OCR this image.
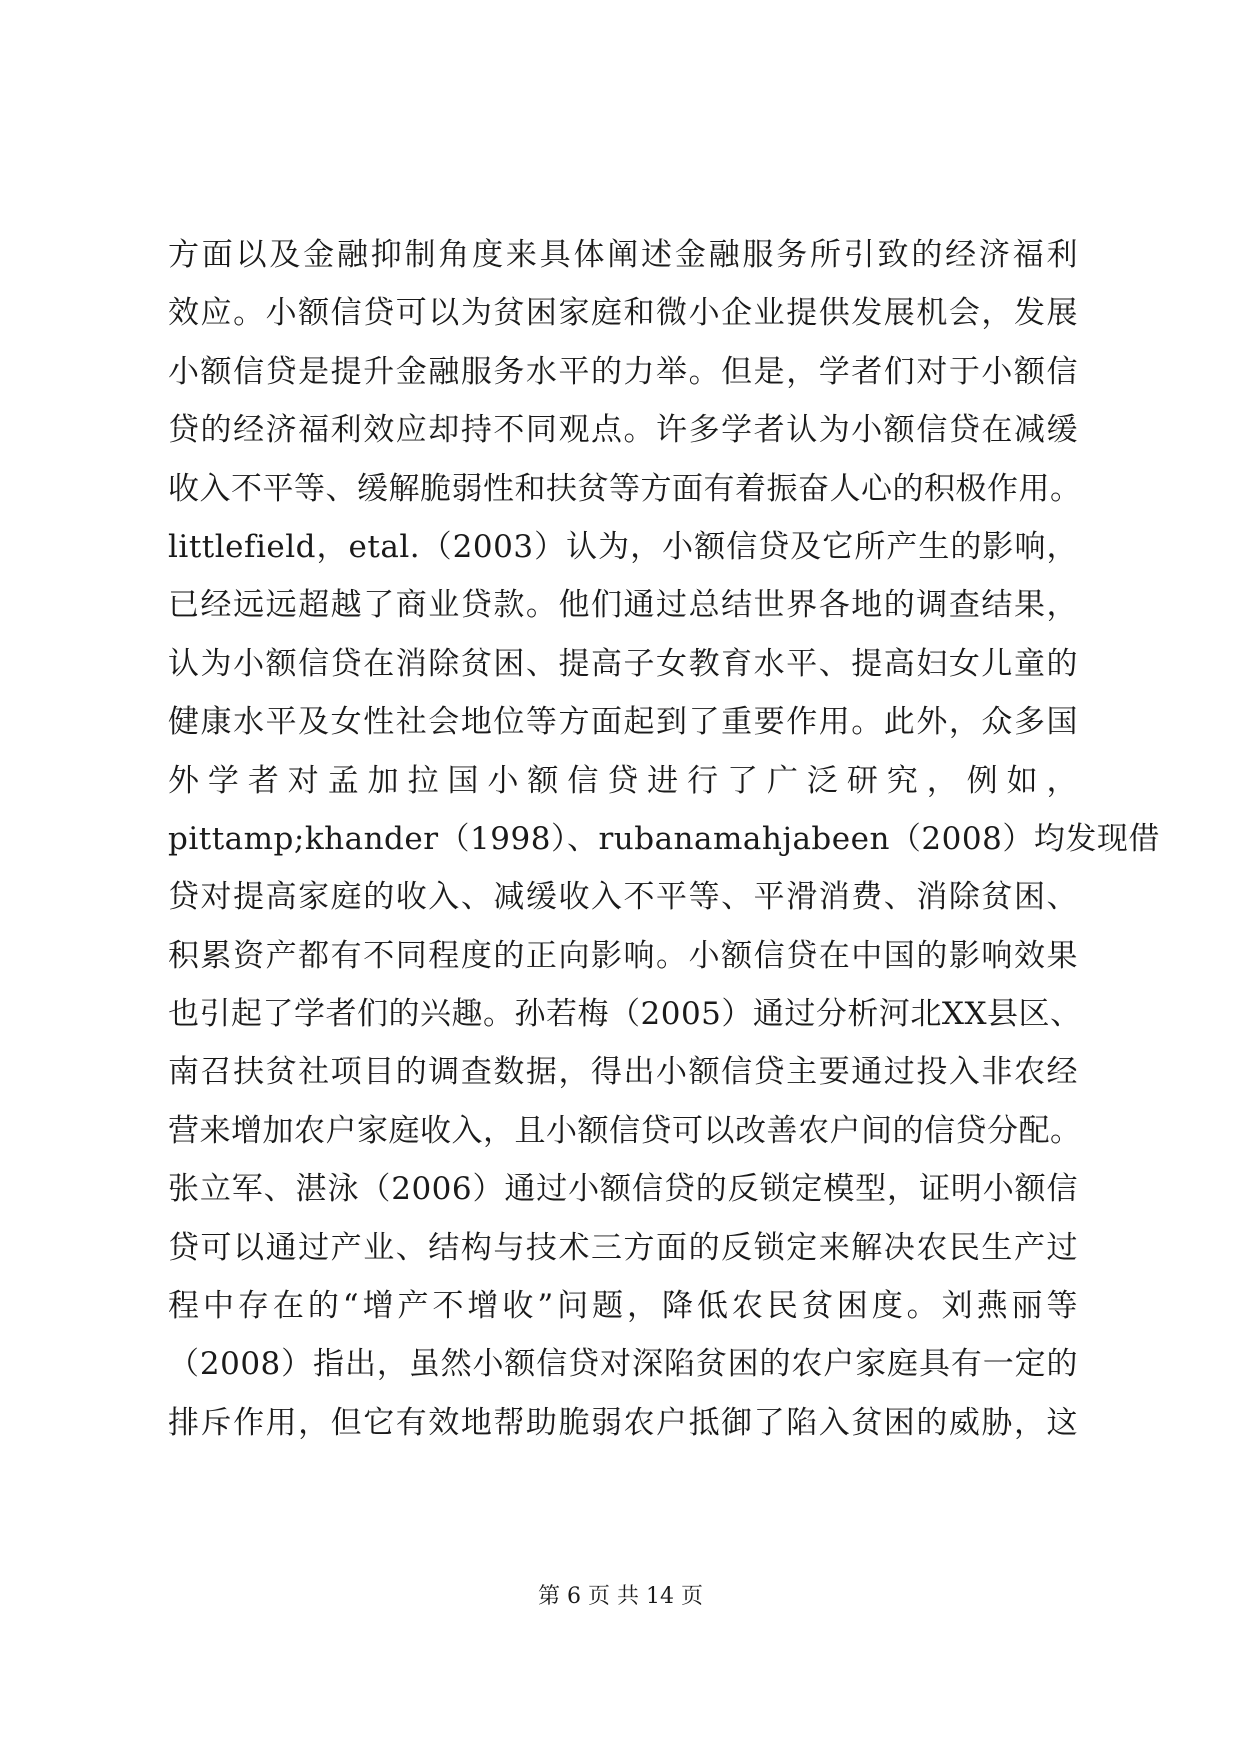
方面以及金融抑制角度来具体阐述金融服务所引致的经济福利
效应。小额信贷可以为贫困家庭和微小企业提供发展机会，发展
小额信贷是提升金融服务水平的力举。但是，学者们对于小额信
贷的经济福利效应却持不同观点。许多学者认为小额信贷在减缓
收入不平等、缓解脆弱性和扶贫等方面有着振奋人心的积极作用。
littlefield，etal.（2003）认为，小额信贷及它所产生的影响，
已经远远超越了商业贷款。他们通过总结世界各地的调查结果，
认为小额信贷在消除贫困、提高子女教育水平、提高妇女儿童的
健康水平及女性社会地位等方面起到了重要作用。此外，众多国
外学者对孟加拉国小额信贷进行了广泛研究，例如，
pittamp;khander（1998）、rubanamahjabeen（2008）均发现借
贷对提高家庭的收入、减缓收入不平等、平滑消费、消除贫困、
积累资产都有不同程度的正向影响。小额信贷在中国的影响效果
也引起了学者们的兴趣。孙若梅（2005）通过分析河北XX县区、
南召扶贫社项目的调查数据，得出小额信贷主要通过投入非农经
营来增加农户家庭收入，且小额信贷可以改善农户间的信贷分配。
张立军、湛泳（2006）通过小额信贷的反锁定模型，证明小额信
贷可以通过产业、结构与技术三方面的反锁定来解决农民生产过
程中存在的“增产不增收”问题，降低农民贫困度。刘燕丽等
（2008）指出，虽然小额信贷对深陷贫困的农户家庭具有一定的
排斥作用，但它有效地帮助脆弱农户抵御了陷入贫困的威胁，这
第 6 页 共 14 页
